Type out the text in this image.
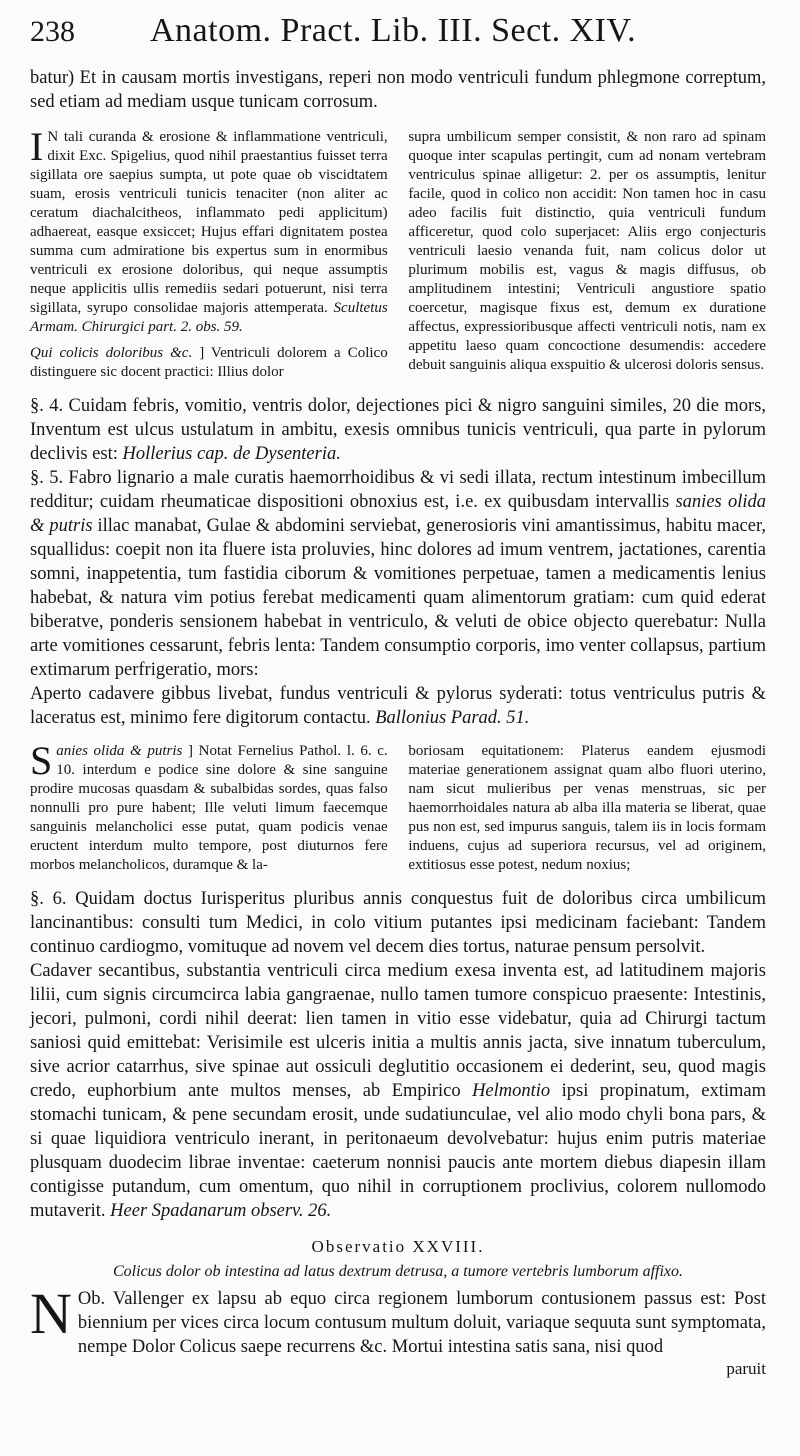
238	Anatom. Pract. Lib. III. Sect. XIV.

batur) Et in causam mortis investigans, reperi non modo ventriculi fundum phlegmone correptum, sed etiam ad mediam usque tunicam corrosum.

I N tali curanda & erosione & inflammatione ventriculi, dixit Exc. Spigelius, quod nihil praestantius fuisset terra sigillata ore saepius sumpta, ut pote quae ob viscidtatem suam, erosis ventriculi tunicis tenaciter (non aliter ac ceratum diachalcitheos, inflammato pedi applicitum) adhaereat, easque exsiccet; Hujus effari dignitatem postea summa cum admiratione bis expertus sum in enormibus ventriculi ex erosione doloribus, qui neque assumptis neque applicitis ullis remediis sedari potuerunt, nisi terra sigillata, syrupo consolidae majoris attemperata. Scultetus Armam. Chirurgici part. 2. obs. 59.

Qui colicis doloribus &c. ] Ventriculi dolorem a Colico distinguere sic docent practici: Illius dolor

supra umbilicum semper consistit, & non raro ad spinam quoque inter scapulas pertingit, cum ad nonam vertebram ventriculus spinae alligetur: 2. per os assumptis, lenitur facile, quod in colico non accidit: Non tamen hoc in casu adeo facilis fuit distinctio, quia ventriculi fundum afficeretur, quod colo superjacet: Aliis ergo conjecturis ventriculi laesio venanda fuit, nam colicus dolor ut plurimum mobilis est, vagus & magis diffusus, ob amplitudinem intestini; Ventriculi angustiore spatio coercetur, magisque fixus est, demum ex duratione affectus, expressioribusque affecti ventriculi notis, nam ex appetitu laeso quam concoctione desumendis: accedere debuit sanguinis aliqua exspuitio & ulcerosi doloris sensus.

§. 4. Cuidam febris, vomitio, ventris dolor, dejectiones pici & nigro sanguini similes, 20 die mors, Inventum est ulcus ustulatum in ambitu, exesis omnibus tunicis ventriculi, qua parte in pylorum declivis est: Hollerius cap. de Dysenteria.

§. 5. Fabro lignario a male curatis haemorrhoidibus & vi sedi illata, rectum intestinum imbecillum redditur; cuidam rheumaticae dispositioni obnoxius est, i.e. ex quibusdam intervallis sanies olida & putris illac manabat, Gulae & abdomini serviebat, generosioris vini amantissimus, habitu macer, squallidus: coepit non ita fluere ista proluvies, hinc dolores ad imum ventrem, jactationes, carentia somni, inappetentia, tum fastidia ciborum & vomitiones perpetuae, tamen a medicamentis lenius habebat, & natura vim potius ferebat medicamenti quam alimentorum gratiam: cum quid ederat biberatve, ponderis sensionem habebat in ventriculo, & veluti de obice objecto querebatur: Nulla arte vomitiones cessarunt, febris lenta: Tandem consumptio corporis, imo venter collapsus, partium extimarum perfrigeratio, mors:

Aperto cadavere gibbus livebat, fundus ventriculi & pylorus syderati: totus ventriculus putris & laceratus est, minimo fere digitorum contactu. Ballonius Parad. 51.

S anies olida & putris ] Notat Fernelius Pathol. l. 6. c. 10. interdum e podice sine dolore & sine sanguine prodire mucosas quasdam & subalbidas sordes, quas falso nonnulli pro pure habent; Ille veluti limum faecemque sanguinis melancholici esse putat, quam podicis venae eructent interdum multo tempore, post diuturnos fere morbos melancholicos, duramque & la-

boriosam equitationem: Platerus eandem ejusmodi materiae generationem assignat quam albo fluori uterino, nam sicut mulieribus per venas menstruas, sic per haemorrhoidales natura ab alba illa materia se liberat, quae pus non est, sed impurus sanguis, talem iis in locis formam induens, cujus ad superiora recursus, vel ad originem, extitiosus esse potest, nedum noxius;

§. 6. Quidam doctus Iurisperitus pluribus annis conquestus fuit de doloribus circa umbilicum lancinantibus: consulti tum Medici, in colo vitium putantes ipsi medicinam faciebant: Tandem continuo cardiogmo, vomituque ad novem vel decem dies tortus, naturae pensum persolvit.

Cadaver secantibus, substantia ventriculi circa medium exesa inventa est, ad latitudinem majoris lilii, cum signis circumcirca labia gangraenae, nullo tamen tumore conspicuo praesente: Intestinis, jecori, pulmoni, cordi nihil deerat: lien tamen in vitio esse videbatur, quia ad Chirurgi tactum saniosi quid emittebat: Verisimile est ulceris initia a multis annis jacta, sive innatum tuberculum, sive acrior catarrhus, sive spinae aut ossiculi deglutitio occasionem ei dederint, seu, quod magis credo, euphorbium ante multos menses, ab Empirico Helmontio ipsi propinatum, extimam stomachi tunicam, & pene secundam erosit, unde sudatiunculae, vel alio modo chyli bona pars, & si quae liquidiora ventriculo inerant, in peritonaeum devolvebatur: hujus enim putris materiae plusquam duodecim librae inventae: caeterum nonnisi paucis ante mortem diebus diapesin illam contigisse putandum, cum omentum, quo nihil in corruptionem proclivius, colorem nullomodo mutaverit. Heer Spadanarum observ. 26.

Observatio XXVIII.
Colicus dolor ob intestina ad latus dextrum detrusa, a tumore vertebris lumborum affixo.

N Ob. Vallenger ex lapsu ab equo circa regionem lumborum contusionem passus est: Post biennium per vices circa locum contusum multum doluit, variaque sequuta sunt symptomata, nempe Dolor Colicus saepe recurrens &c. Mortui intestina satis sana, nisi quod

paruit
